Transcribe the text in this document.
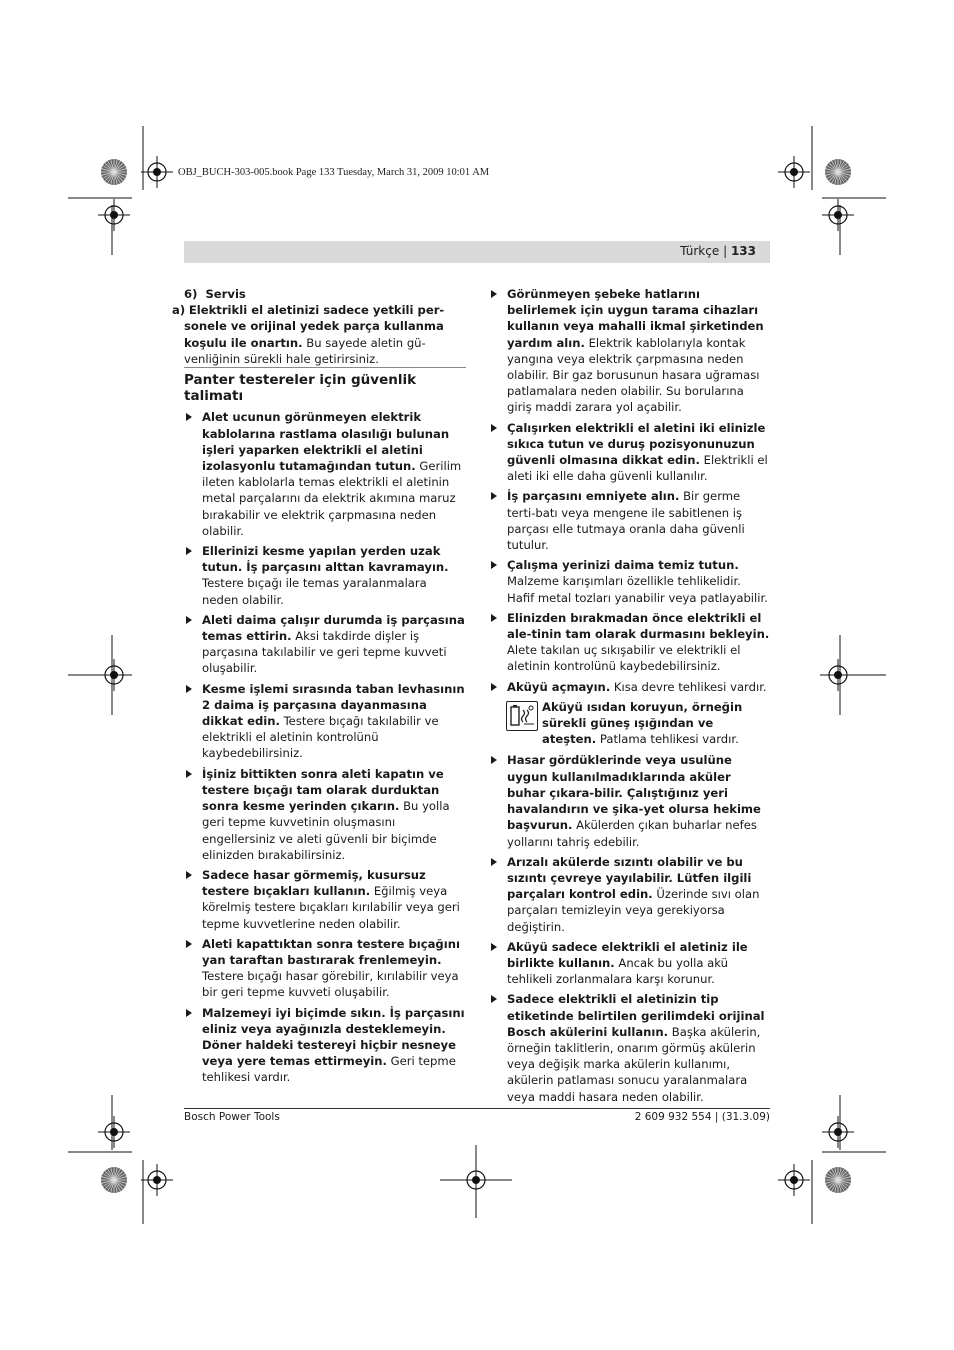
OBJ_BUCH-303-005.book Page 133 Tuesday, March 31, 2009 10:01 AM
Türkçe | 133

6) Servis

a) Elektrikli el aletinizi sadece yetkili per-sonele ve orijinal yedek parça kullanma koşulu ile onartın. Bu sayede aletin gü-venliğinin sürekli hale getirirsiniz.

Panter testereler için güvenlik talimatı

Alet ucunun görünmeyen elektrik kablolarına rastlama olasılığı bulunan işleri yaparken elektrikli el aletini izolasyonlu tutamağından tutun. Gerilim ileten kablolarla temas elektrikli el aletinin metal parçalarını da elektrik akımına maruz bırakabilir ve elektrik çarpmasına neden olabilir.
Ellerinizi kesme yapılan yerden uzak tutun. İş parçasını alttan kavramayın. Testere bıçağı ile temas yaralanmalara neden olabilir.
Aleti daima çalışır durumda iş parçasına temas ettirin. Aksi takdirde dişler iş parçasına takılabilir ve geri tepme kuvveti oluşabilir.
Kesme işlemi sırasında taban levhasının 2 daima iş parçasına dayanmasına dikkat edin. Testere bıçağı takılabilir ve elektrikli el aletinin kontrolünü kaybedebilirsiniz.
İşiniz bittikten sonra aleti kapatın ve testere bıçağı tam olarak durduktan sonra kesme yerinden çıkarın. Bu yolla geri tepme kuvvetinin oluşmasını engellersiniz ve aleti güvenli bir biçimde elinizden bırakabilirsiniz.
Sadece hasar görmemiş, kusursuz testere bıçakları kullanın. Eğilmiş veya körelmiş testere bıçakları kırılabilir veya geri tepme kuvvetlerine neden olabilir.
Aleti kapattıktan sonra testere bıçağını yan taraftan bastırarak frenlemeyin. Testere bıçağı hasar görebilir, kırılabilir veya bir geri tepme kuvveti oluşabilir.
Malzemeyi iyi biçimde sıkın. İş parçasını eliniz veya ayağınızla desteklemeyin. Döner haldeki testereyi hiçbir nesneye veya yere temas ettirmeyin. Geri tepme tehlikesi vardır.
Görünmeyen şebeke hatlarını belirlemek için uygun tarama cihazları kullanın veya mahalli ikmal şirketinden yardım alın. Elektrik kablolarıyla kontak yangına veya elektrik çarpmasına neden olabilir. Bir gaz borusunun hasara uğraması patlamalara neden olabilir. Su borularına giriş maddi zarara yol açabilir.
Çalışırken elektrikli el aletini iki elinizle sıkıca tutun ve duruş pozisyonunuzun güvenli olmasına dikkat edin. Elektrikli el aleti iki elle daha güvenli kullanılır.
İş parçasını emniyete alın. Bir germe terti-batı veya mengene ile sabitlenen iş parçası elle tutmaya oranla daha güvenli tutulur.
Çalışma yerinizi daima temiz tutun. Malzeme karışımları özellikle tehlikelidir. Hafif metal tozları yanabilir veya patlayabilir.
Elinizden bırakmadan önce elektrikli el ale-tinin tam olarak durmasını bekleyin. Alete takılan uç sıkışabilir ve elektrikli el aletinin kontrolünü kaybedebilirsiniz.
Aküyü açmayın. Kısa devre tehlikesi vardır.
Aküyü ısıdan koruyun, örneğin sürekli güneş ışığından ve ateşten. Patlama tehlikesi vardır.
Hasar gördüklerinde veya usulüne uygun kullanılmadıklarında aküler buhar çıkara-bilir. Çalıştığınız yeri havalandırın ve şika-yet olursa hekime başvurun. Akülerden çıkan buharlar nefes yollarını tahriş edebilir.
Arızalı akülerde sızıntı olabilir ve bu sızıntı çevreye yayılabilir. Lütfen ilgili parçaları kontrol edin. Üzerinde sıvı olan parçaları temizleyin veya gerekiyorsa değiştirin.
Aküyü sadece elektrikli el aletiniz ile birlikte kullanın. Ancak bu yolla akü tehlikeli zorlanmalara karşı korunur.
Sadece elektrikli el aletinizin tip etiketinde belirtilen gerilimdeki orijinal Bosch akülerini kullanın. Başka akülerin, örneğin taklitlerin, onarım görmüş akülerin veya değişik marka akülerin kullanımı, akülerin patlaması sonucu yaralanmalara veya maddi hasara neden olabilir.
Bosch Power Tools	2 609 932 554 | (31.3.09)
